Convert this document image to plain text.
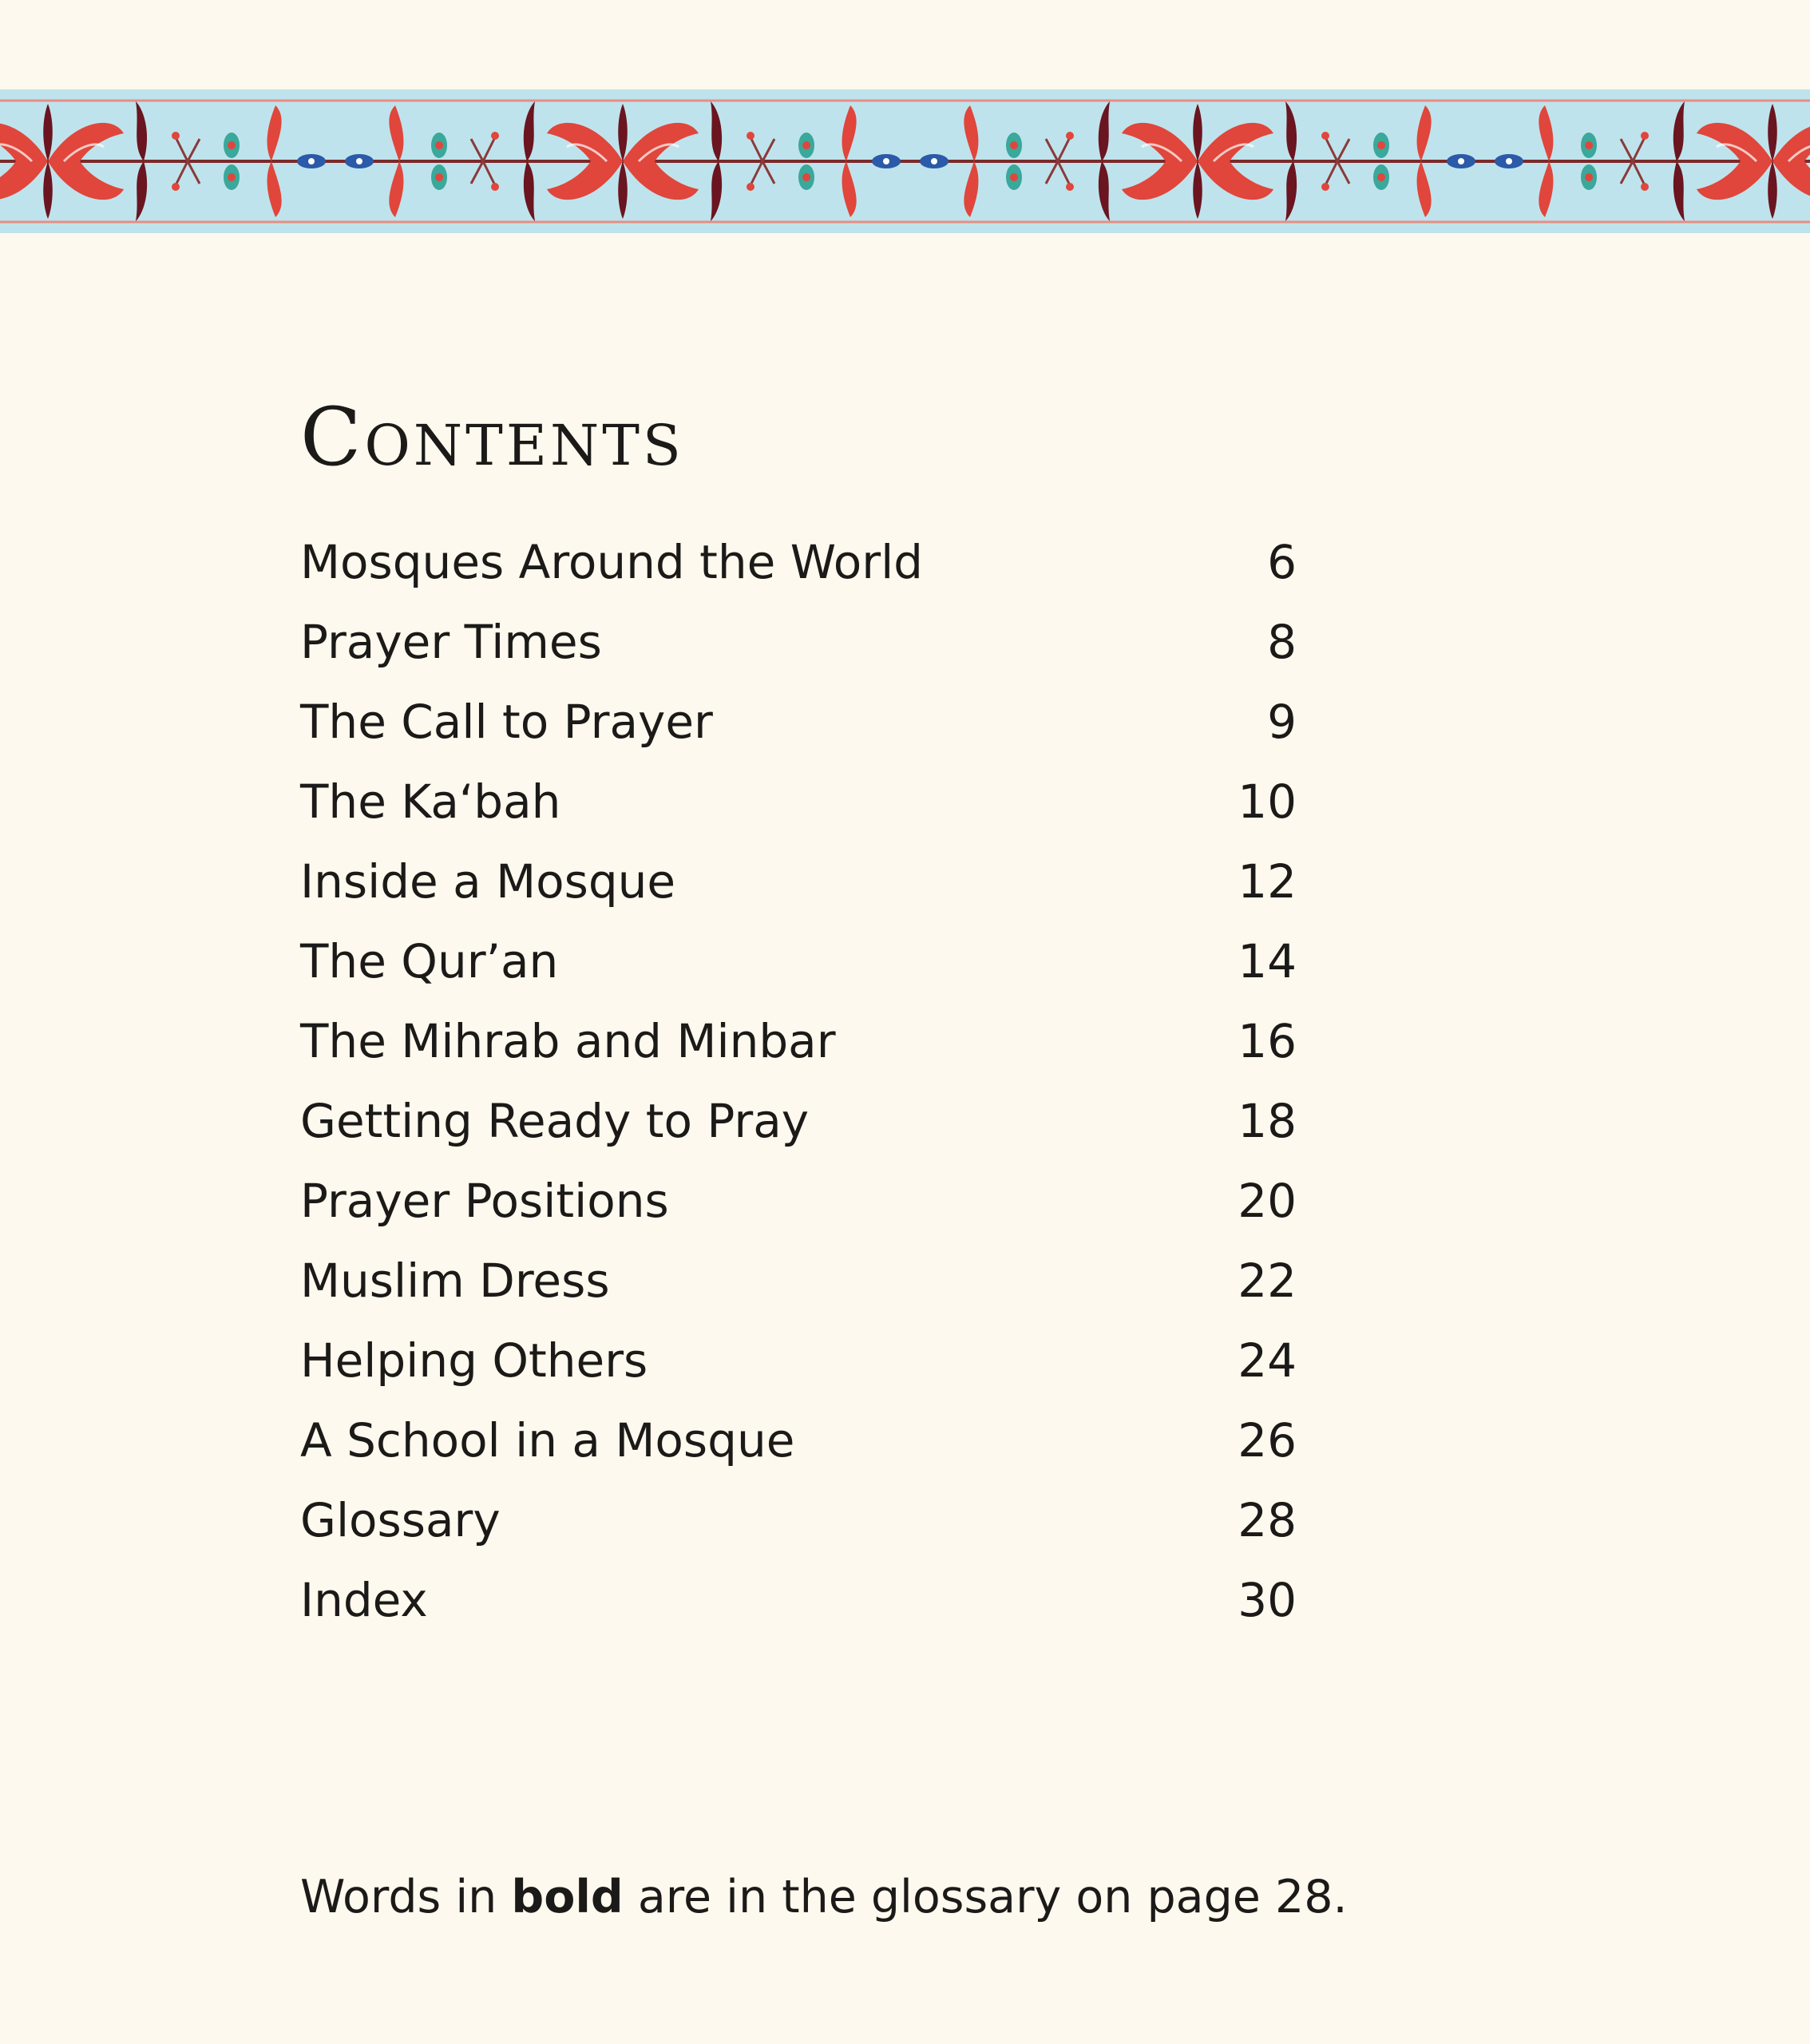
Contents
Mosques Around the World	6
Prayer Times	8
The Call to Prayer	9
The Ka‘bah	10
Inside a Mosque	12
The Qur’an	14
The Mihrab and Minbar	16
Getting Ready to Pray	18
Prayer Positions	20
Muslim Dress	22
Helping Others	24
A School in a Mosque	26
Glossary	28
Index	30

Words in bold are in the glossary on page 28.
